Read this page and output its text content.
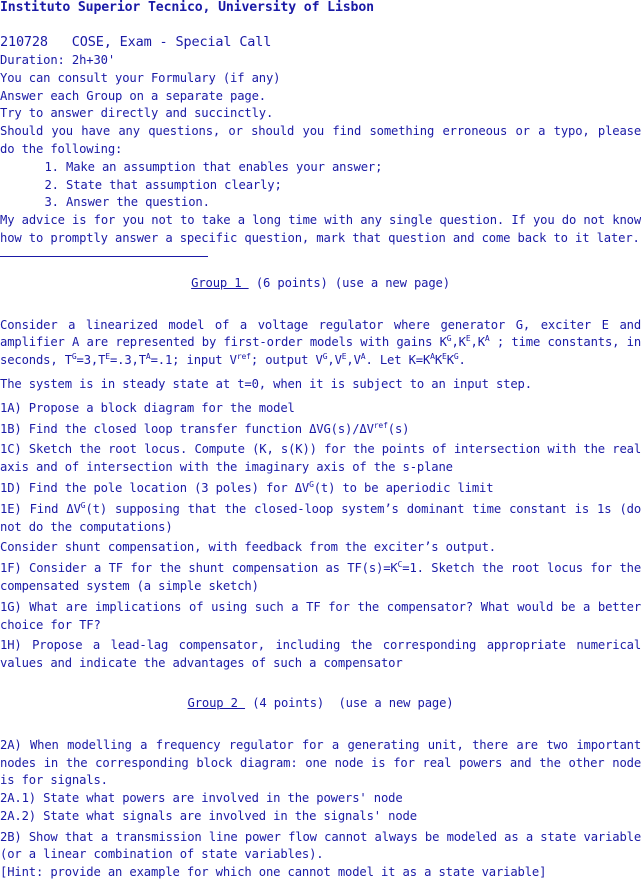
Instituto Superior Tecnico, University of Lisbon

210728   COSE, Exam - Special Call

Duration: 2h+30'

You can consult your Formulary (if any)

Answer each Group on a separate page.

Try to answer directly and succinctly.

Should you have any questions, or should you find something erroneous or a typo, please do the following:

1. Make an assumption that enables your answer;
2. State that assumption clearly;
3. Answer the question.

My advice is for you not to take a long time with any single question. If you do not know how to promptly answer a specific question, mark that question and come back to it later.

Group 1  (6 points) (use a new page)

Consider a linearized model of a voltage regulator where generator G, exciter E and amplifier A are represented by first-order models with gains $K^G,K^E,K^A$ ; time constants, in seconds, $T^G=3,T^E=.3,T^A=.1$; input $V^{ref}$; output $V^G,V^E,V^A$. Let $K=K^AK^EK^G$.

The system is in steady state at t=0, when it is subject to an input step.

1A) Propose a block diagram for the model

1B) Find the closed loop transfer function $\Delta VG(s)/\Delta V^{ref}(s)$

1C) Sketch the root locus. Compute (K, s(K)) for the points of intersection with the real axis and of intersection with the imaginary axis of the s-plane

1D) Find the pole location (3 poles) for $\Delta V^G(t)$ to be aperiodic limit

1E) Find $\Delta V^G(t)$ supposing that the closed-loop system’s dominant time constant is 1s (do not do the computations)

Consider shunt compensation, with feedback from the exciter’s output.

1F) Consider a TF for the shunt compensation as $TF(s)=K^C=1$. Sketch the root locus for the compensated system (a simple sketch)

1G) What are implications of using such a TF for the compensator? What would be a better choice for TF?

1H) Propose a lead-lag compensator, including the corresponding appropriate numerical values and indicate the advantages of such a compensator

Group 2  (4 points)  (use a new page)

2A) When modelling a frequency regulator for a generating unit, there are two important nodes in the corresponding block diagram: one node is for real powers and the other node is for signals.

2A.1) State what powers are involved in the powers' node

2A.2) State what signals are involved in the signals' node

2B) Show that a transmission line power flow cannot always be modeled as a state variable (or a linear combination of state variables).

[Hint: provide an example for which one cannot model it as a state variable]
